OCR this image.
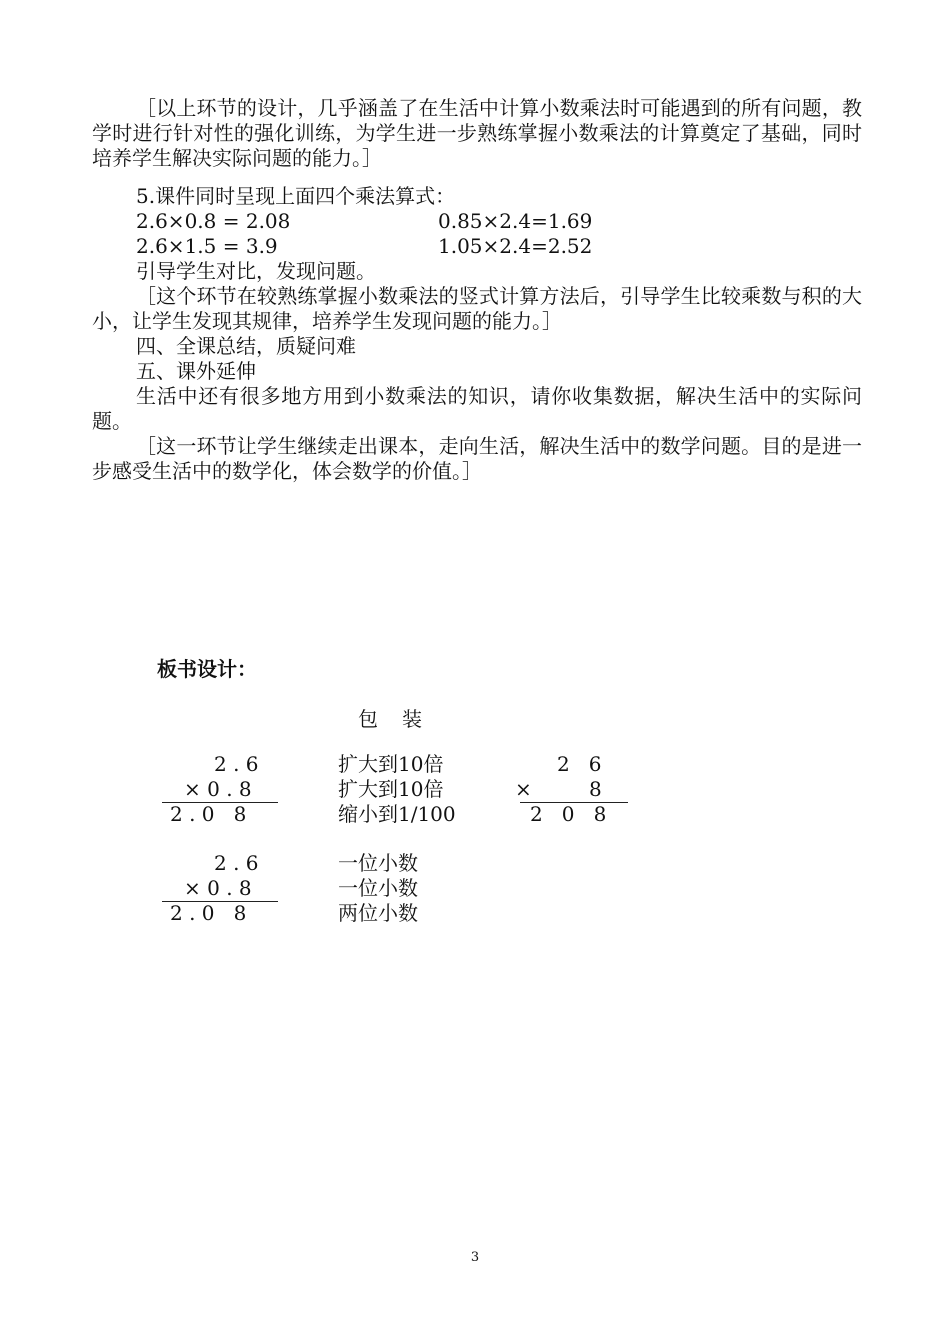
［以上环节的设计，几乎涵盖了在生活中计算小数乘法时可能遇到的所有问题，教学时进行针对性的强化训练，为学生进一步熟练掌握小数乘法的计算奠定了基础，同时培养学生解决实际问题的能力。］
5.课件同时呈现上面四个乘法算式：
2.6×0.8 = 2.08	0.85×2.4=1.69
2.6×1.5 = 3.9	1.05×2.4=2.52
引导学生对比，发现问题。
［这个环节在较熟练掌握小数乘法的竖式计算方法后，引导学生比较乘数与积的大小，让学生发现其规律，培养学生发现问题的能力。］
四、全课总结，质疑问难
五、课外延伸
生活中还有很多地方用到小数乘法的知识，请你收集数据，解决生活中的实际问题。
［这一环节让学生继续走出课本，走向生活，解决生活中的数学问题。目的是进一步感受生活中的数学化，体会数学的价值。］
板书设计：
包　装
2 . 6
× 0 . 8
2 . 0   8
扩大到10倍
扩大到10倍
缩小到1/100
2   6
×         8
2   0   8
2 . 6
× 0 . 8
2 . 0   8
一位小数
一位小数
两位小数
3
